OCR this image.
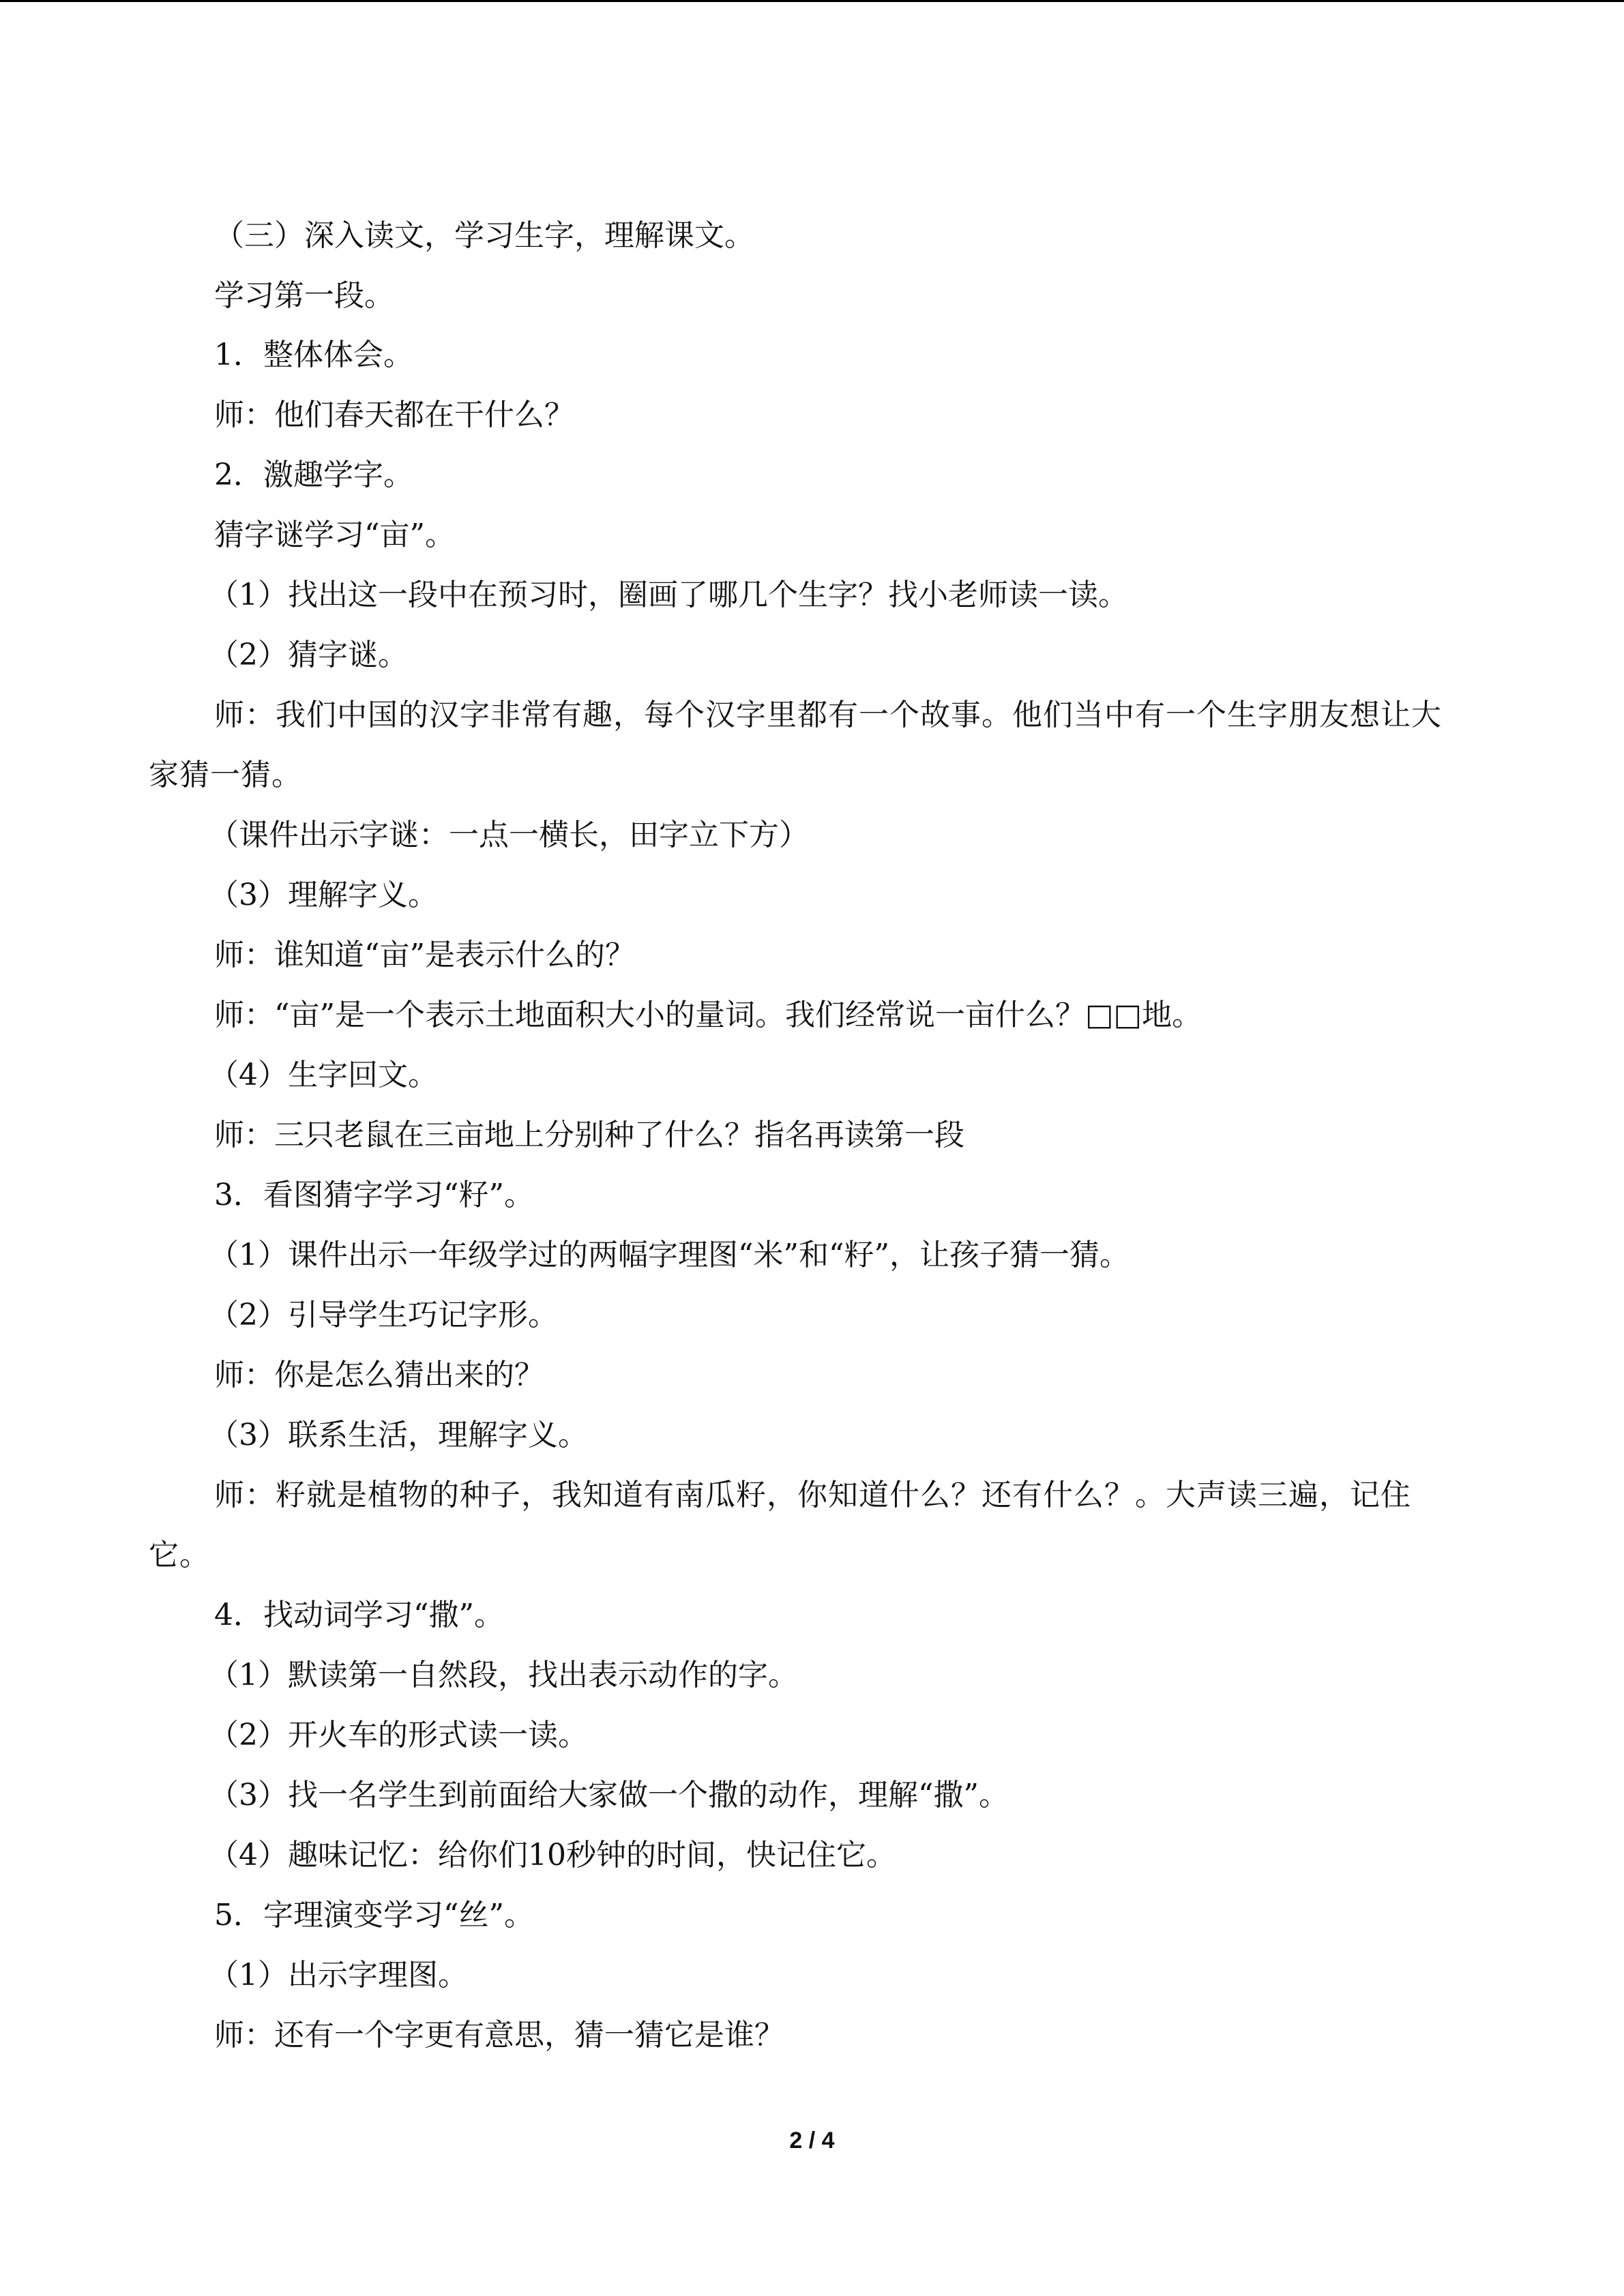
（三）深入读文，学习生字，理解课文。
学习第一段。
1．整体体会。
师：他们春天都在干什么？
2．激趣学字。
猜字谜学习“亩”。
（1）找出这一段中在预习时，圈画了哪几个生字？找小老师读一读。
（2）猜字谜。
师：我们中国的汉字非常有趣，每个汉字里都有一个故事。他们当中有一个生字朋友想让大家猜一猜。
（课件出示字谜：一点一横长，田字立下方）
（3）理解字义。
师：谁知道“亩”是表示什么的？
师：“亩”是一个表示土地面积大小的量词。我们经常说一亩什么？□□地。
（4）生字回文。
师：三只老鼠在三亩地上分别种了什么？指名再读第一段
3．看图猜字学习“籽”。
（1）课件出示一年级学过的两幅字理图“米”和“籽”，让孩子猜一猜。
（2）引导学生巧记字形。
师：你是怎么猜出来的？
（3）联系生活，理解字义。
师：籽就是植物的种子，我知道有南瓜籽，你知道什么？还有什么？。大声读三遍，记住它。
4．找动词学习“撒”。
（1）默读第一自然段，找出表示动作的字。
（2）开火车的形式读一读。
（3）找一名学生到前面给大家做一个撒的动作，理解“撒”。
（4）趣味记忆：给你们10秒钟的时间，快记住它。
5．字理演变学习“丝”。
（1）出示字理图。
师：还有一个字更有意思，猜一猜它是谁？
2 / 4
